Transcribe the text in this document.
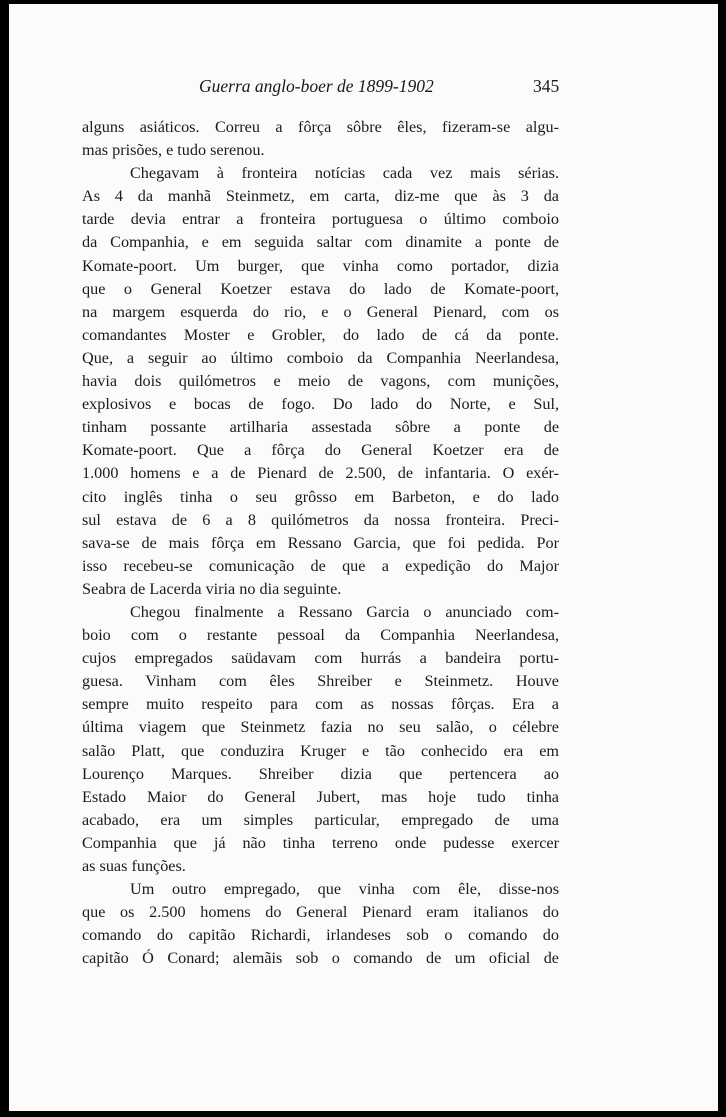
Guerra anglo-boer de 1899-1902	345
alguns asiáticos. Correu a fôrça sôbre êles, fizeram-se algu-
mas prisões, e tudo serenou.
Chegavam à fronteira notícias cada vez mais sérias.
As 4 da manhã Steinmetz, em carta, diz-me que às 3 da
tarde devia entrar a fronteira portuguesa o último comboio
da Companhia, e em seguida saltar com dinamite a ponte de
Komate-poort. Um burger, que vinha como portador, dizia
que o General Koetzer estava do lado de Komate-poort,
na margem esquerda do rio, e o General Pienard, com os
comandantes Moster e Grobler, do lado de cá da ponte.
Que, a seguir ao último comboio da Companhia Neerlandesa,
havia dois quilómetros e meio de vagons, com munições,
explosivos e bocas de fogo. Do lado do Norte, e Sul,
tinham possante artilharia assestada sôbre a ponte de
Komate-poort. Que a fôrça do General Koetzer era de
1.000 homens e a de Pienard de 2.500, de infantaria. O exér-
cito inglês tinha o seu grôsso em Barbeton, e do lado
sul estava de 6 a 8 quilómetros da nossa fronteira. Preci-
sava-se de mais fôrça em Ressano Garcia, que foi pedida. Por
isso recebeu-se comunicação de que a expedição do Major
Seabra de Lacerda viria no dia seguinte.
Chegou finalmente a Ressano Garcia o anunciado com-
boio com o restante pessoal da Companhia Neerlandesa,
cujos empregados saüdavam com hurrás a bandeira portu-
guesa. Vinham com êles Shreiber e Steinmetz. Houve
sempre muito respeito para com as nossas fôrças. Era a
última viagem que Steinmetz fazia no seu salão, o célebre
salão Platt, que conduzira Kruger e tão conhecido era em
Lourenço Marques. Shreiber dizia que pertencera ao
Estado Maior do General Jubert, mas hoje tudo tinha
acabado, era um simples particular, empregado de uma
Companhia que já não tinha terreno onde pudesse exercer
as suas funções.
Um outro empregado, que vinha com êle, disse-nos
que os 2.500 homens do General Pienard eram italianos do
comando do capitão Richardi, irlandeses sob o comando do
capitão Ó Conard; alemãis sob o comando de um oficial de
